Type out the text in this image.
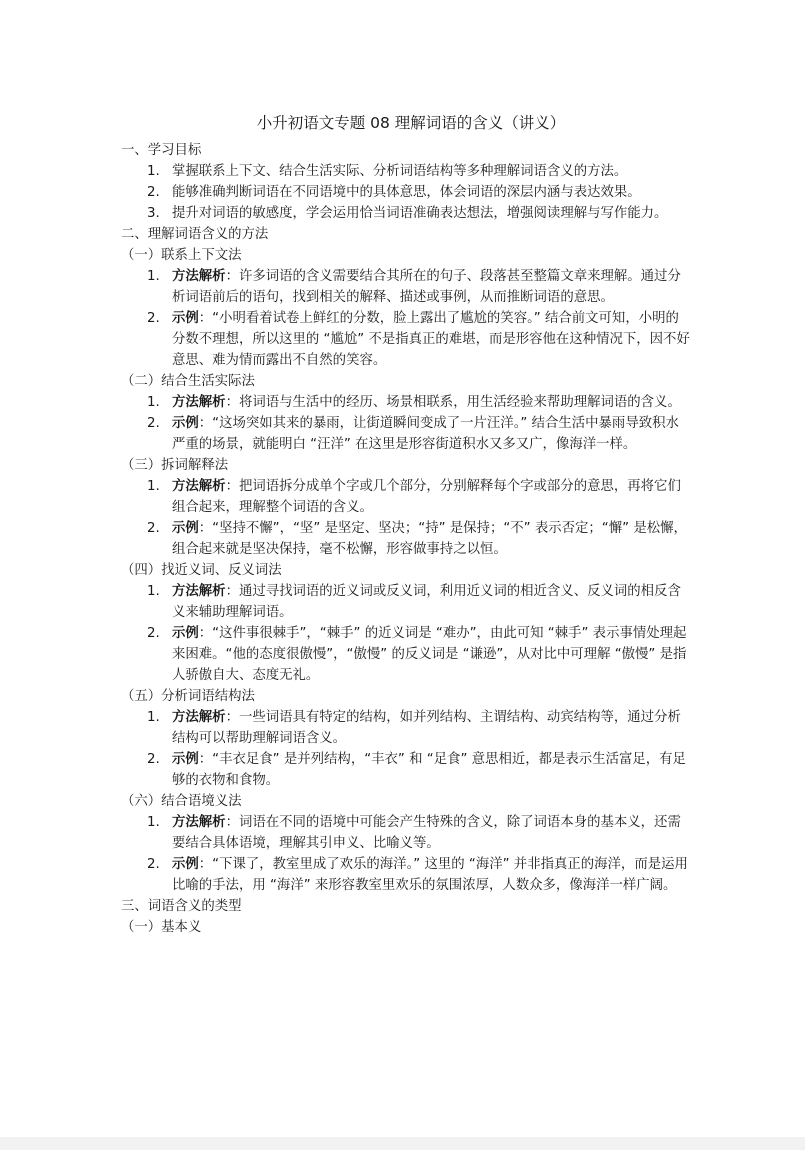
小升初语文专题 08 理解词语的含义（讲义）
一、学习目标
1. 掌握联系上下文、结合生活实际、分析词语结构等多种理解词语含义的方法。
2. 能够准确判断词语在不同语境中的具体意思，体会词语的深层内涵与表达效果。
3. 提升对词语的敏感度，学会运用恰当词语准确表达想法，增强阅读理解与写作能力。
二、理解词语含义的方法
（一）联系上下文法
1. 方法解析：许多词语的含义需要结合其所在的句子、段落甚至整篇文章来理解。通过分析词语前后的语句，找到相关的解释、描述或事例，从而推断词语的意思。
2. 示例：“小明看着试卷上鲜红的分数，脸上露出了尴尬的笑容。” 结合前文可知，小明的分数不理想，所以这里的 “尴尬” 不是指真正的难堪，而是形容他在这种情况下，因不好意思、难为情而露出不自然的笑容。
（二）结合生活实际法
1. 方法解析：将词语与生活中的经历、场景相联系，用生活经验来帮助理解词语的含义。
2. 示例：“这场突如其来的暴雨，让街道瞬间变成了一片汪洋。” 结合生活中暴雨导致积水严重的场景，就能明白 “汪洋” 在这里是形容街道积水又多又广，像海洋一样。
（三）拆词解释法
1. 方法解析：把词语拆分成单个字或几个部分，分别解释每个字或部分的意思，再将它们组合起来，理解整个词语的含义。
2. 示例：“坚持不懈”，“坚” 是坚定、坚决；“持” 是保持；“不” 表示否定；“懈” 是松懈，组合起来就是坚决保持，毫不松懈，形容做事持之以恒。
（四）找近义词、反义词法
1. 方法解析：通过寻找词语的近义词或反义词，利用近义词的相近含义、反义词的相反含义来辅助理解词语。
2. 示例：“这件事很棘手”，“棘手” 的近义词是 “难办”，由此可知 “棘手” 表示事情处理起来困难。“他的态度很傲慢”，“傲慢” 的反义词是 “谦逊”，从对比中可理解 “傲慢” 是指人骄傲自大、态度无礼。
（五）分析词语结构法
1. 方法解析：一些词语具有特定的结构，如并列结构、主谓结构、动宾结构等，通过分析结构可以帮助理解词语含义。
2. 示例：“丰衣足食” 是并列结构，“丰衣” 和 “足食” 意思相近，都是表示生活富足，有足够的衣物和食物。
（六）结合语境义法
1. 方法解析：词语在不同的语境中可能会产生特殊的含义，除了词语本身的基本义，还需要结合具体语境，理解其引申义、比喻义等。
2. 示例：“下课了，教室里成了欢乐的海洋。” 这里的 “海洋” 并非指真正的海洋，而是运用比喻的手法，用 “海洋” 来形容教室里欢乐的氛围浓厚，人数众多，像海洋一样广阔。
三、词语含义的类型
（一）基本义
